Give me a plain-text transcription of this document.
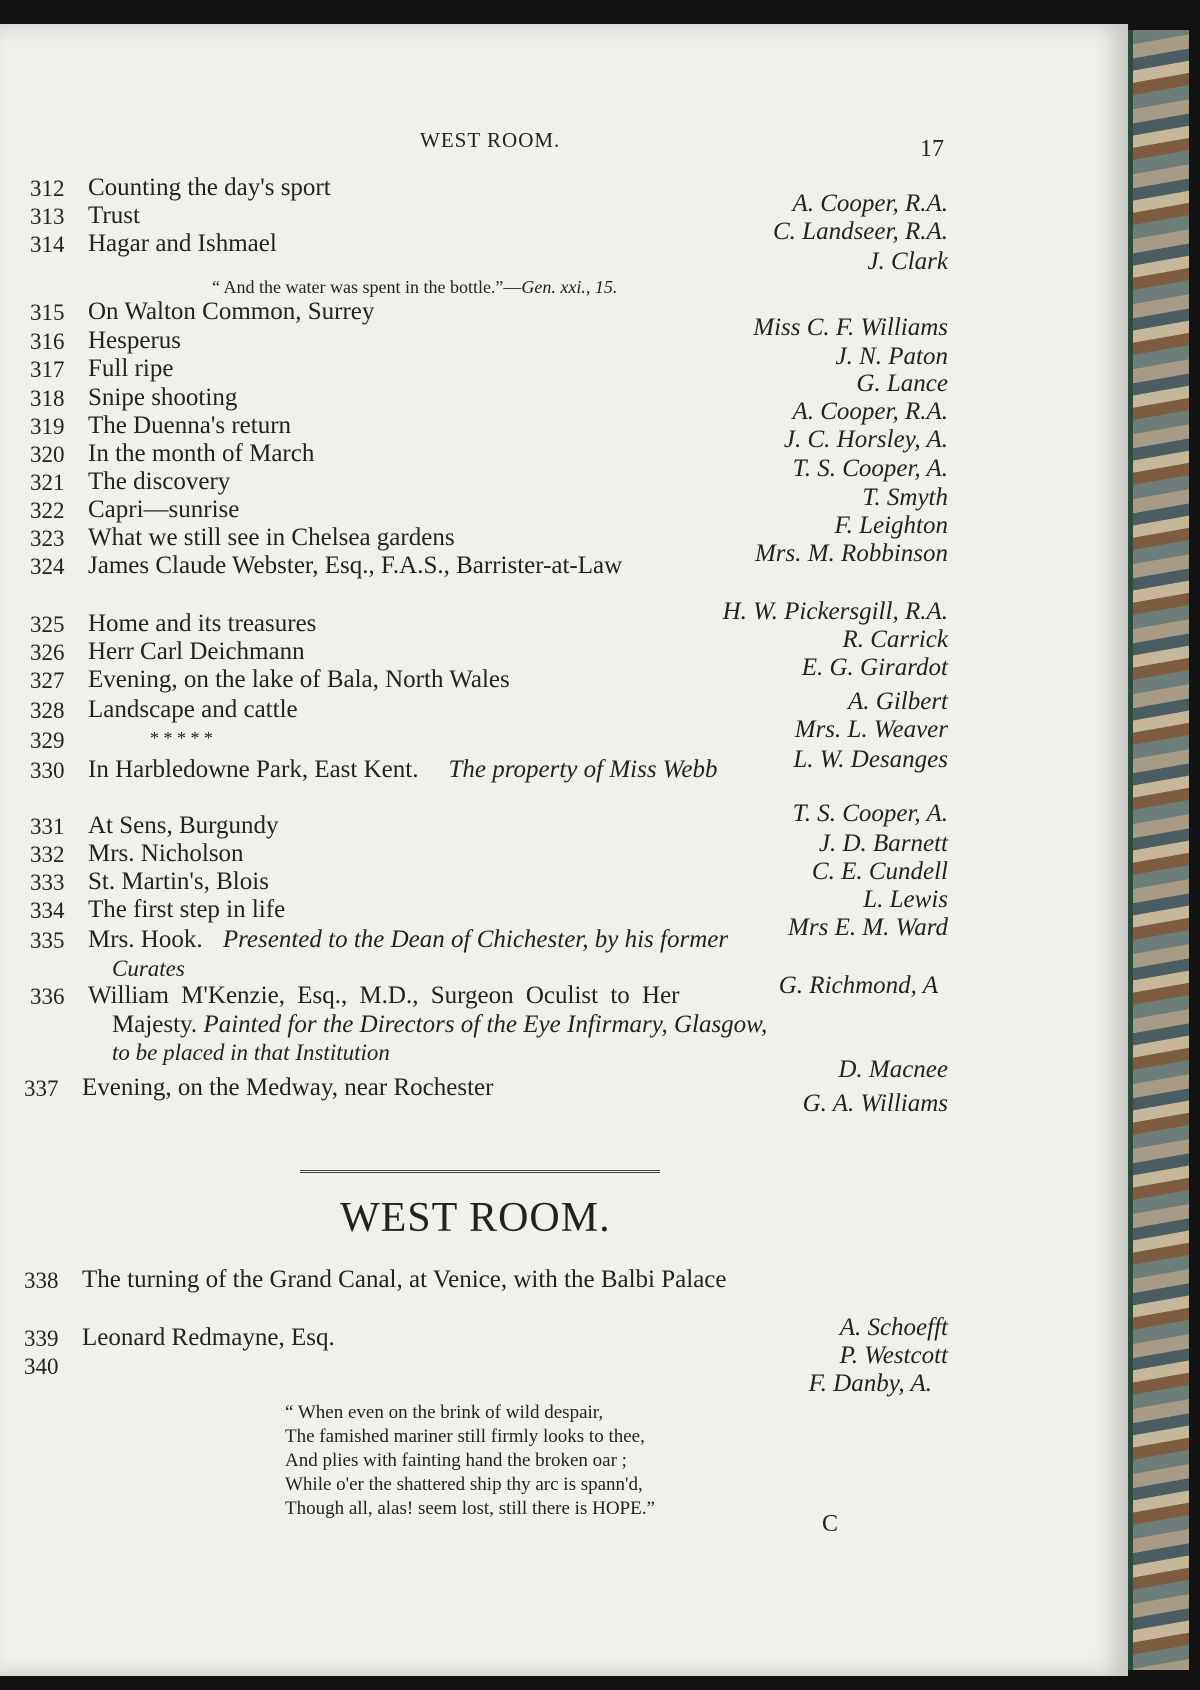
WEST ROOM.	17
312 Counting the day's sport
A. Cooper, R.A.
313 Trust
C. Landseer, R.A.
314 Hagar and Ishmael
J. Clark
“ And the water was spent in the bottle.”—Gen. xxi., 15.
315 On Walton Common, Surrey
Miss C. F. Williams
316 Hesperus
J. N. Paton
317 Full ripe
G. Lance
318 Snipe shooting
A. Cooper, R.A.
319 The Duenna's return
J. C. Horsley, A.
320 In the month of March
T. S. Cooper, A.
321 The discovery
T. Smyth
322 Capri—sunrise
F. Leighton
323 What we still see in Chelsea gardens
Mrs. M. Robbinson
324 James Claude Webster, Esq., F.A.S., Barrister-at-Law
H. W. Pickersgill, R.A.
325 Home and its treasures
R. Carrick
326 Herr Carl Deichmann
E. G. Girardot
327 Evening, on the lake of Bala, North Wales
A. Gilbert
328 Landscape and cattle
Mrs. L. Weaver
329	* * * * *
L. W. Desanges
330 In Harbledowne Park, East Kent. The property of Miss Webb
T. S. Cooper, A.
331 At Sens, Burgundy
J. D. Barnett
332 Mrs. Nicholson
C. E. Cundell
333 St. Martin's, Blois
L. Lewis
334 The first step in life
Mrs E. M. Ward
335 Mrs. Hook. Presented to the Dean of Chichester, by his former
Curates
G. Richmond, A
336 William M'Kenzie, Esq., M.D., Surgeon Oculist to Her
Majesty. Painted for the Directors of the Eye Infirmary, Glasgow,
to be placed in that Institution
D. Macnee
337 Evening, on the Medway, near Rochester
G. A. Williams
WEST ROOM.
338 The turning of the Grand Canal, at Venice, with the Balbi Palace
A. Schoefft
339 Leonard Redmayne, Esq.
P. Westcott
340
F. Danby, A.
“ When even on the brink of wild despair,
The famished mariner still firmly looks to thee,
And plies with fainting hand the broken oar ;
While o'er the shattered ship thy arc is spann'd,
Though all, alas! seem lost, still there is HOPE.”
C
